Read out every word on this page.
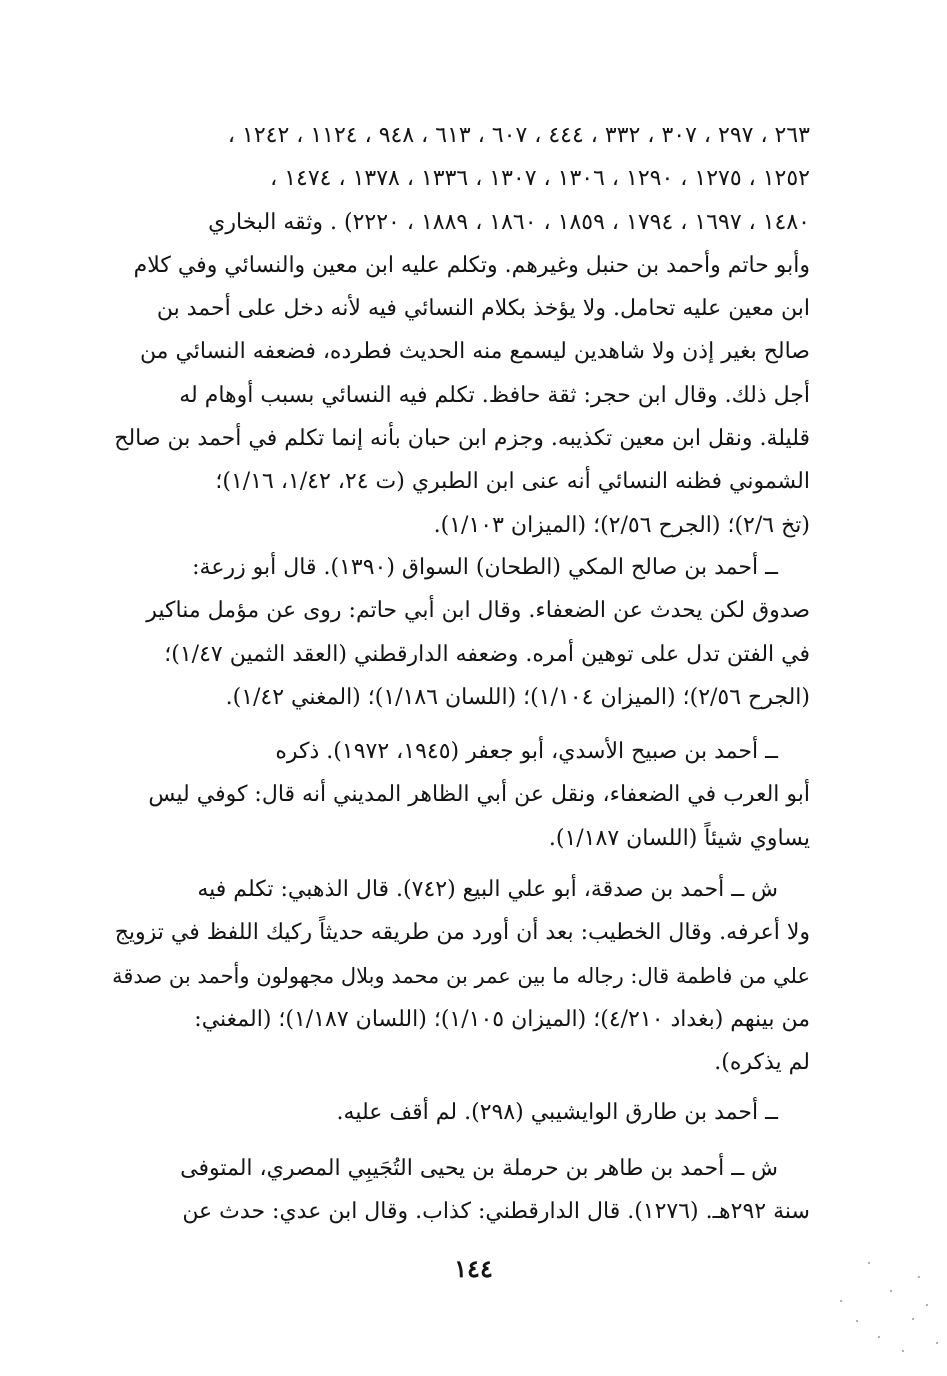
٢٦٣ ، ٢٩٧ ، ٣٠٧ ، ٣٣٢ ، ٤٤٤ ، ٦٠٧ ، ٦١٣ ، ٩٤٨ ، ١١٢٤ ، ١٢٤٢ ،
١٢٥٢ ، ١٢٧٥ ، ١٢٩٠ ، ١٣٠٦ ، ١٣٠٧ ، ١٣٣٦ ، ١٣٧٨ ، ١٤٧٤ ،
١٤٨٠ ، ١٦٩٧ ، ١٧٩٤ ، ١٨٥٩ ، ١٨٦٠ ، ١٨٨٩ ، ٢٢٢٠) . وثقه البخاري
وأبو حاتم وأحمد بن حنبل وغيرهم. وتكلم عليه ابن معين والنسائي وفي كلام
ابن معين عليه تحامل. ولا يؤخذ بكلام النسائي فيه لأنه دخل على أحمد بن
صالح بغير إذن ولا شاهدين ليسمع منه الحديث فطرده، فضعفه النسائي من
أجل ذلك. وقال ابن حجر: ثقة حافظ. تكلم فيه النسائي بسبب أوهام له
قليلة. ونقل ابن معين تكذيبه. وجزم ابن حبان بأنه إنما تكلم في أحمد بن صالح
الشموني فظنه النسائي أنه عنى ابن الطبري (ت ٢٤، ١/٤٢، ١/١٦)؛
(تخ ٢/٦)؛ (الجرح ٢/٥٦)؛ (الميزان ١/١٠٣).
ــ أحمد بن صالح المكي (الطحان) السواق (١٣٩٠). قال أبو زرعة:
صدوق لكن يحدث عن الضعفاء. وقال ابن أبي حاتم: روى عن مؤمل مناكير
في الفتن تدل على توهين أمره. وضعفه الدارقطني (العقد الثمين ١/٤٧)؛
(الجرح ٢/٥٦)؛ (الميزان ١/١٠٤)؛ (اللسان ١/١٨٦)؛ (المغني ١/٤٢).
ــ أحمد بن صبيح الأسدي، أبو جعفر (١٩٤٥، ١٩٧٢). ذكره
أبو العرب في الضعفاء، ونقل عن أبي الظاهر المديني أنه قال: كوفي ليس
يساوي شيئاً (اللسان ١/١٨٧).
ش ــ أحمد بن صدقة، أبو علي البيع (٧٤٢). قال الذهبي: تكلم فيه
ولا أعرفه. وقال الخطيب: بعد أن أورد من طريقه حديثاً ركيك اللفظ في تزويج
علي من فاطمة قال: رجاله ما بين عمر بن محمد وبلال مجهولون وأحمد بن صدقة
من بينهم (بغداد ٤/٢١٠)؛ (الميزان ١/١٠٥)؛ (اللسان ١/١٨٧)؛ (المغني:
لم يذكره).
ــ أحمد بن طارق الوايشيبي (٢٩٨). لم أقف عليه.
ش ــ أحمد بن طاهر بن حرملة بن يحيى التُجَيبِي المصري، المتوفى
سنة ٢٩٢هـ. (١٢٧٦). قال الدارقطني: كذاب. وقال ابن عدي: حدث عن
١٤٤
